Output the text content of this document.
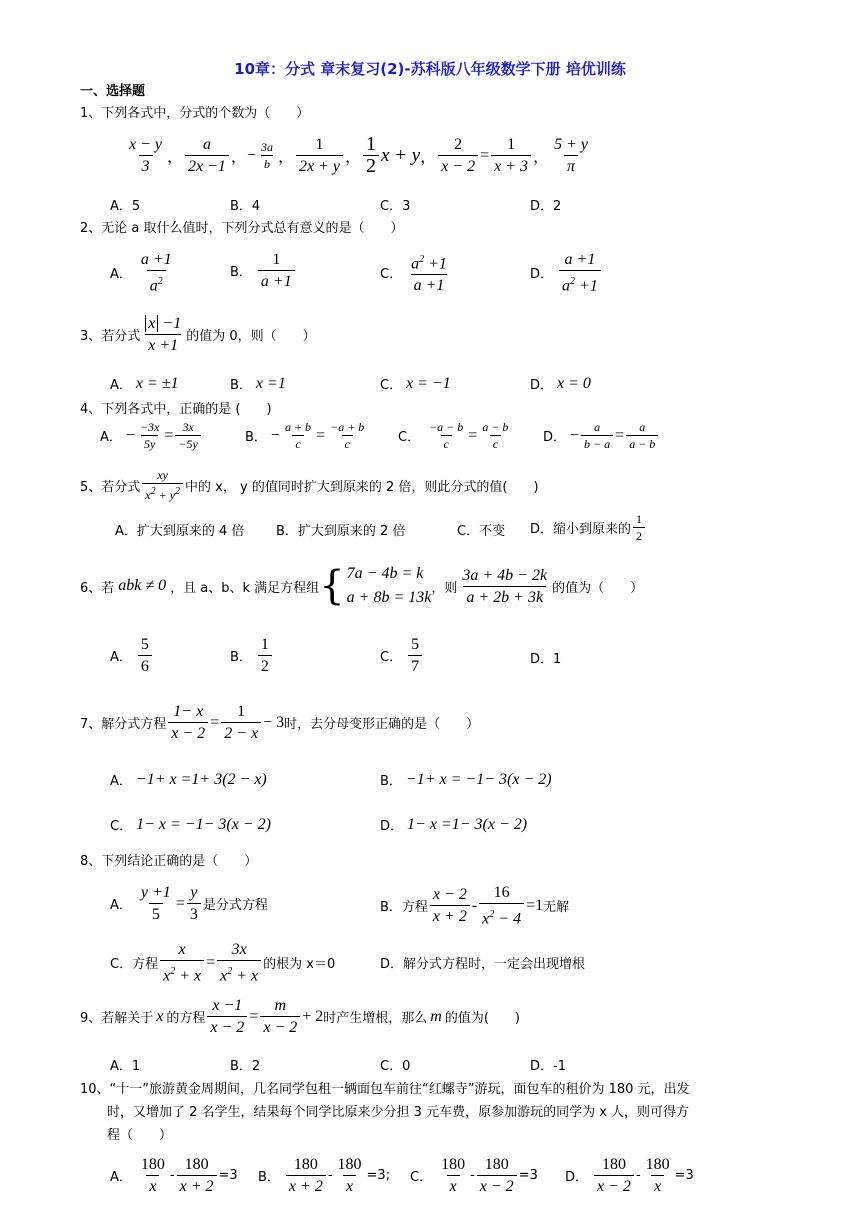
10章：分式 章末复习(2)-苏科版八年级数学下册 培优训练
一、选择题
1、下列各式中，分式的个数为（　　）
$\frac{x - y}{3}$ ， $\frac{a}{2x -1}$ ， − $\frac{3a}{b}$ ， $\frac{1}{2x + y}$ ， $\frac{1}{2}$ x + y ， $\frac{2}{x - 2} = \frac{1}{x + 3}$ ， $\frac{5 + y}{\pi}$
A．5	B．4	C．3	D．2
2、无论 a 取什么值时，下列分式总有意义的是（　　）
A． $\frac{a +1}{a^2}$	B． $\frac{1}{a +1}$	C． $\frac{a^2 +1}{a +1}$	D． $\frac{a +1}{a^2 +1}$
3、若分式 $\frac{x -1}{x +1}$ 的值为 0，则（　　）
A． x = ±1	B． x =1	C． x = −1	D． x = 0
4、下列各式中，正确的是 (　　)
A． − $\frac{-3x}{5y} = \frac{3x}{-5y}$	B． − $\frac{a + b}{c} = \frac{-a + b}{c}$ C． $\frac{-a - b}{c} = \frac{a - b}{c}$ D． − $\frac{a}{b - a} = \frac{a}{a - b}$
5、若分式 $\frac{xy}{x^2 + y^2}$ 中的 x， y 的值同时扩大到原来的 2 倍，则此分式的值(　　)
A．扩大到原来的 4 倍 B．扩大到原来的 2 倍	C．不变 D．缩小到原来的 $\frac{1}{2}$
6、若 abk ≠ 0 ，且 a、b、k 满足方程组 { 7a − 4b = k
a + 8b = 13k
，则 $\frac{3a + 4b - 2k}{a + 2b + 3k}$ 的值为（　　）
A． $\frac{5}{6}$	B． $\frac{1}{2}$	C． $\frac{5}{7}$	D．1
7、解分式方程 $\frac{1- x}{x - 2} = \frac{1}{2 - x} - 3$ 时，去分母变形正确的是（　　）
A． −1+ x =1+ 3(2 − x)	B． −1+ x = −1− 3(x − 2)
C． 1− x = −1− 3(x − 2)	D． 1− x =1− 3(x − 2)
8、下列结论正确的是（　　）
A． $\frac{y +1}{5} = \frac{y}{3}$ 是分式方程	B．方程 $\frac{x - 2}{x + 2} - \frac{16}{x^2 - 4} =1$ 无解
C．方程 $\frac{x}{x^2 + x} = \frac{3x}{x^2 + x}$ 的根为 x＝0	D．解分式方程时，一定会出现增根
9、若解关于 x 的方程 $\frac{x -1}{x - 2} = \frac{m}{x - 2} + 2$ 时产生增根，那么 m 的值为(　　)
A．1	B．2	C．0	D．-1
10、“十一”旅游黄金周期间，几名同学包租一辆面包车前往“红螺寺”游玩，面包车的租价为 180 元，出发
时，又增加了 2 名学生，结果每个同学比原来少分担 3 元车费，原参加游玩的同学为 x 人，则可得方
程（　　）
A． $\frac{180}{x} - \frac{180}{x + 2} =3$ B． $\frac{180}{x + 2} - \frac{180}{x} =3$; C． $\frac{180}{x} - \frac{180}{x - 2} =3$ D． $\frac{180}{x - 2} - \frac{180}{x} =3$
